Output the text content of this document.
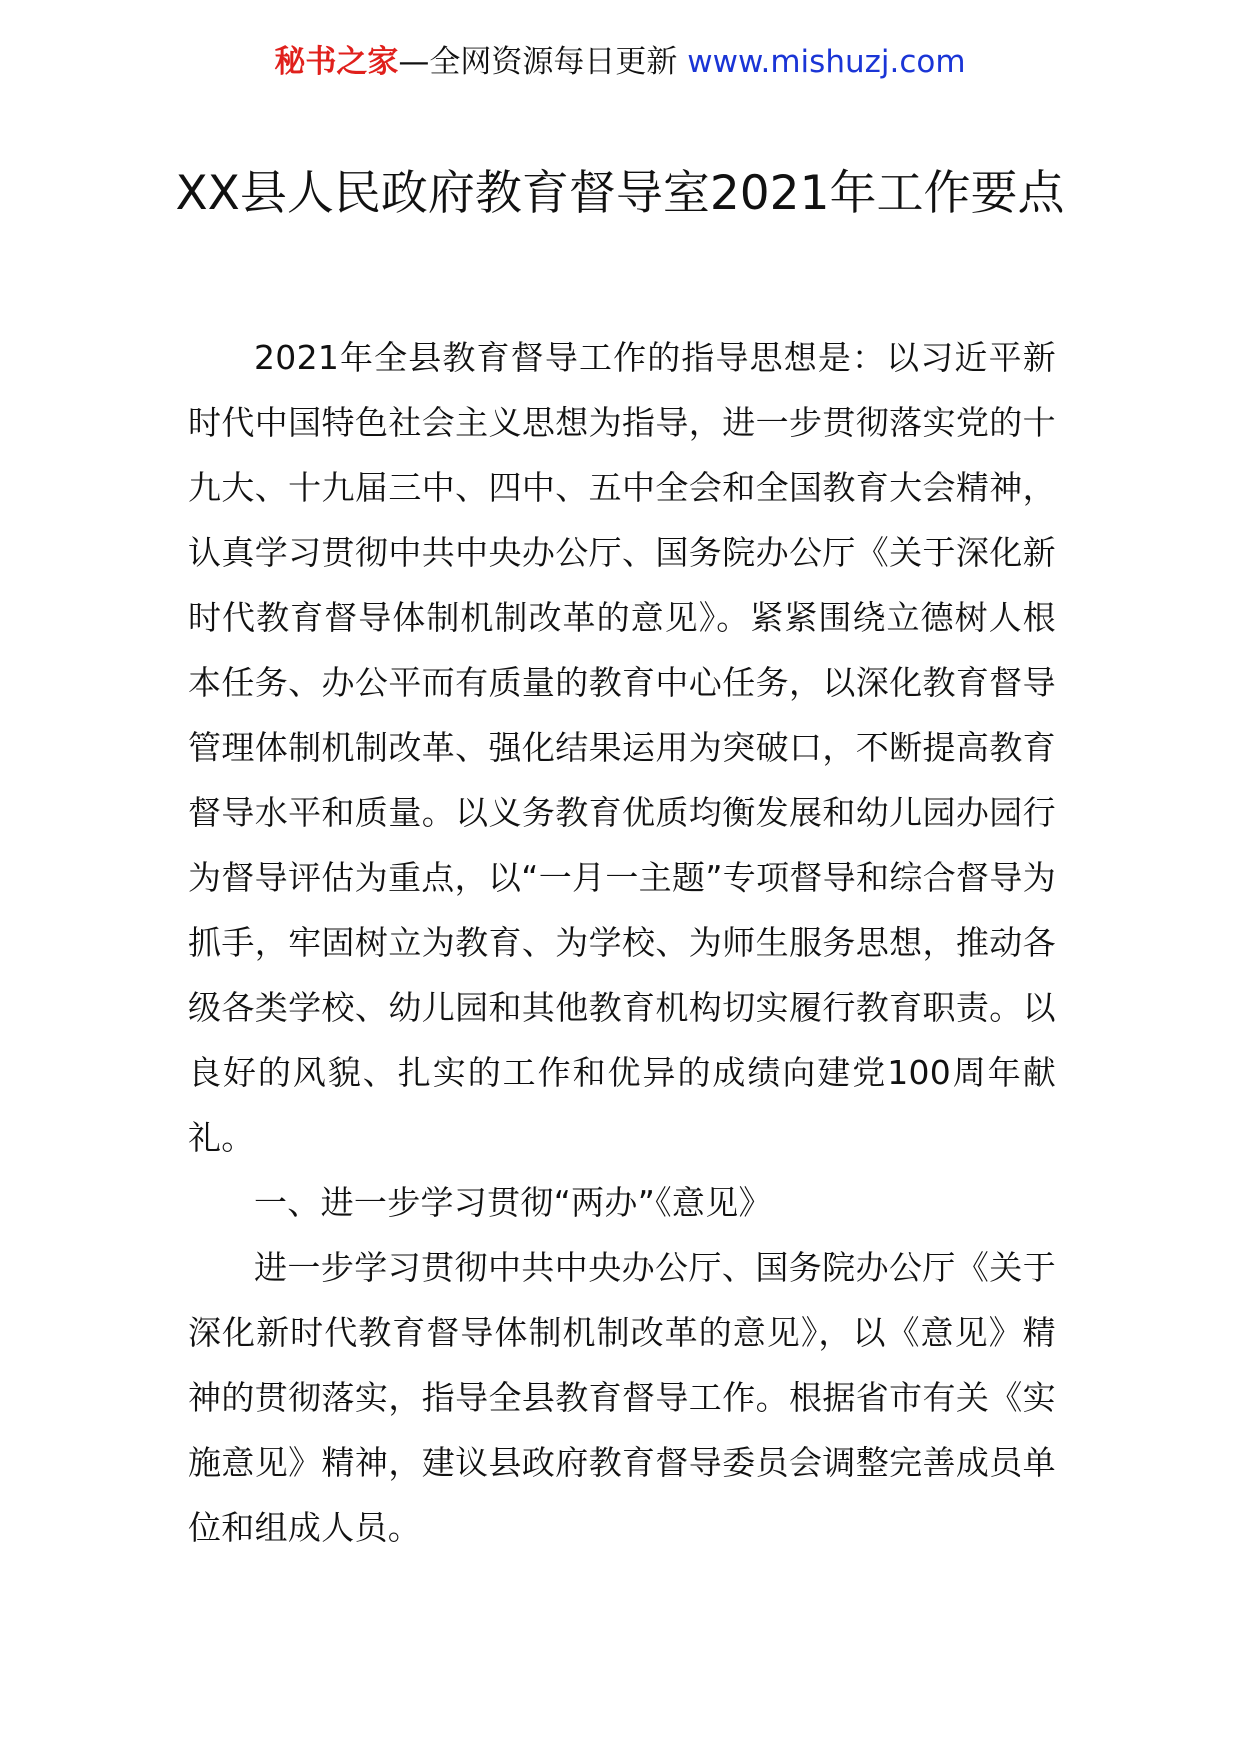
秘书之家—全网资源每日更新 www.mishuzj.com
XX县人民政府教育督导室2021年工作要点

2021年全县教育督导工作的指导思想是：以习近平新时代中国特色社会主义思想为指导，进一步贯彻落实党的十九大、十九届三中、四中、五中全会和全国教育大会精神，认真学习贯彻中共中央办公厅、国务院办公厅《关于深化新时代教育督导体制机制改革的意见》。紧紧围绕立德树人根本任务、办公平而有质量的教育中心任务，以深化教育督导管理体制机制改革、强化结果运用为突破口，不断提高教育督导水平和质量。以义务教育优质均衡发展和幼儿园办园行为督导评估为重点，以“一月一主题”专项督导和综合督导为抓手，牢固树立为教育、为学校、为师生服务思想，推动各级各类学校、幼儿园和其他教育机构切实履行教育职责。以良好的风貌、扎实的工作和优异的成绩向建党100周年献礼。

一、进一步学习贯彻“两办”《意见》

进一步学习贯彻中共中央办公厅、国务院办公厅《关于深化新时代教育督导体制机制改革的意见》，以《意见》精神的贯彻落实，指导全县教育督导工作。根据省市有关《实施意见》精神，建议县政府教育督导委员会调整完善成员单位和组成人员。
